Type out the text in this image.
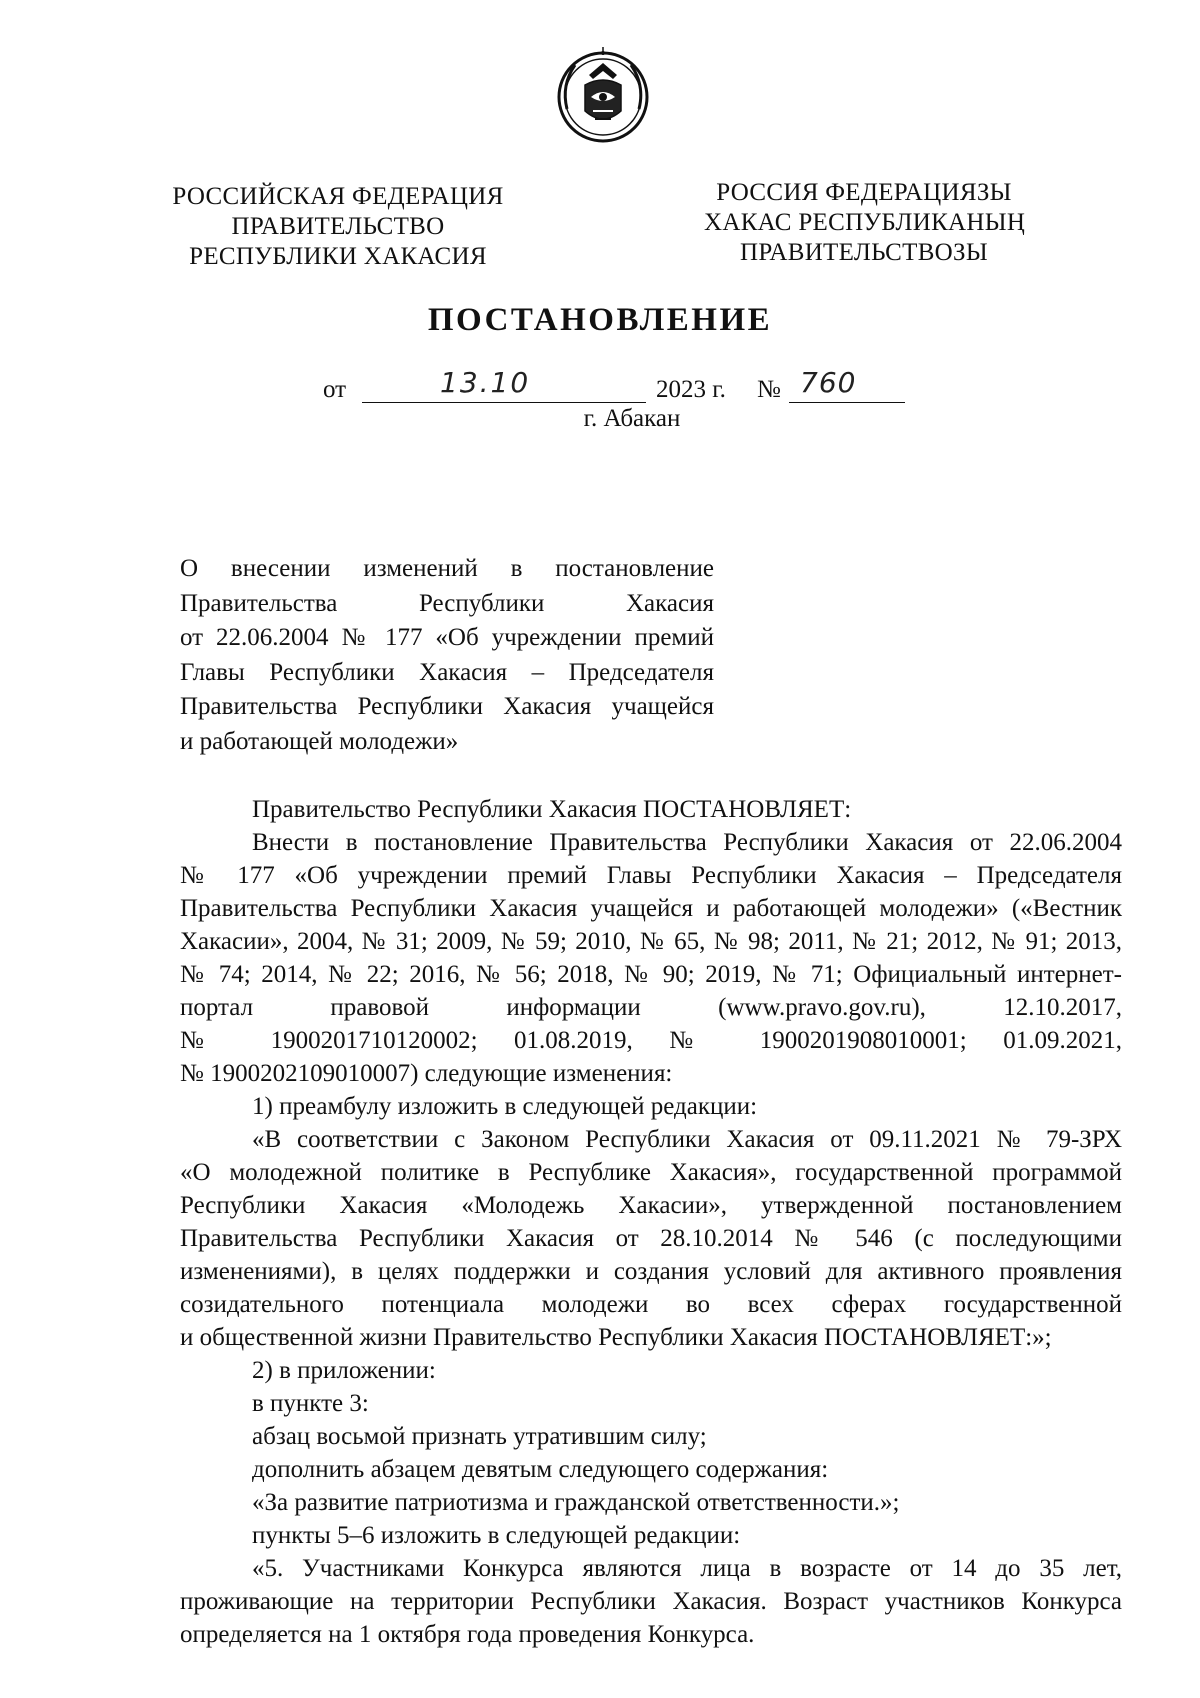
РОССИЙСКАЯ ФЕДЕРАЦИЯ
ПРАВИТЕЛЬСТВО
РЕСПУБЛИКИ ХАКАСИЯ
РОССИЯ ФЕДЕРАЦИЯЗЫ
ХАКАС РЕСПУБЛИКАНЫҢ
ПРАВИТЕЛЬСТВОЗЫ
ПОСТАНОВЛЕНИЕ
от	13.10	2023 г. № 760
г. Абакан
О внесении изменений в постановление
Правительства Республики Хакасия
от 22.06.2004 № 177 «Об учреждении премий
Главы Республики Хакасия – Председателя
Правительства Республики Хакасия учащейся
и работающей молодежи»
Правительство Республики Хакасия ПОСТАНОВЛЯЕТ:
Внести в постановление Правительства Республики Хакасия от 22.06.2004
№ 177 «Об учреждении премий Главы Республики Хакасия – Председателя
Правительства Республики Хакасия учащейся и работающей молодежи» («Вестник
Хакасии», 2004, № 31; 2009, № 59; 2010, № 65, № 98; 2011, № 21; 2012, № 91; 2013,
№ 74; 2014, № 22; 2016, № 56; 2018, № 90; 2019, № 71; Официальный интернет-
портал правовой информации (www.pravo.gov.ru), 12.10.2017,
№ 1900201710120002; 01.08.2019, № 1900201908010001; 01.09.2021,
№ 1900202109010007) следующие изменения:
1) преамбулу изложить в следующей редакции:
«В соответствии с Законом Республики Хакасия от 09.11.2021 № 79-ЗРХ
«О молодежной политике в Республике Хакасия», государственной программой
Республики Хакасия «Молодежь Хакасии», утвержденной постановлением
Правительства Республики Хакасия от 28.10.2014 № 546 (с последующими
изменениями), в целях поддержки и создания условий для активного проявления
созидательного потенциала молодежи во всех сферах государственной
и общественной жизни Правительство Республики Хакасия ПОСТАНОВЛЯЕТ:»;
2) в приложении:
в пункте 3:
абзац восьмой признать утратившим силу;
дополнить абзацем девятым следующего содержания:
«За развитие патриотизма и гражданской ответственности.»;
пункты 5–6 изложить в следующей редакции:
«5. Участниками Конкурса являются лица в возрасте от 14 до 35 лет,
проживающие на территории Республики Хакасия. Возраст участников Конкурса
определяется на 1 октября года проведения Конкурса.
